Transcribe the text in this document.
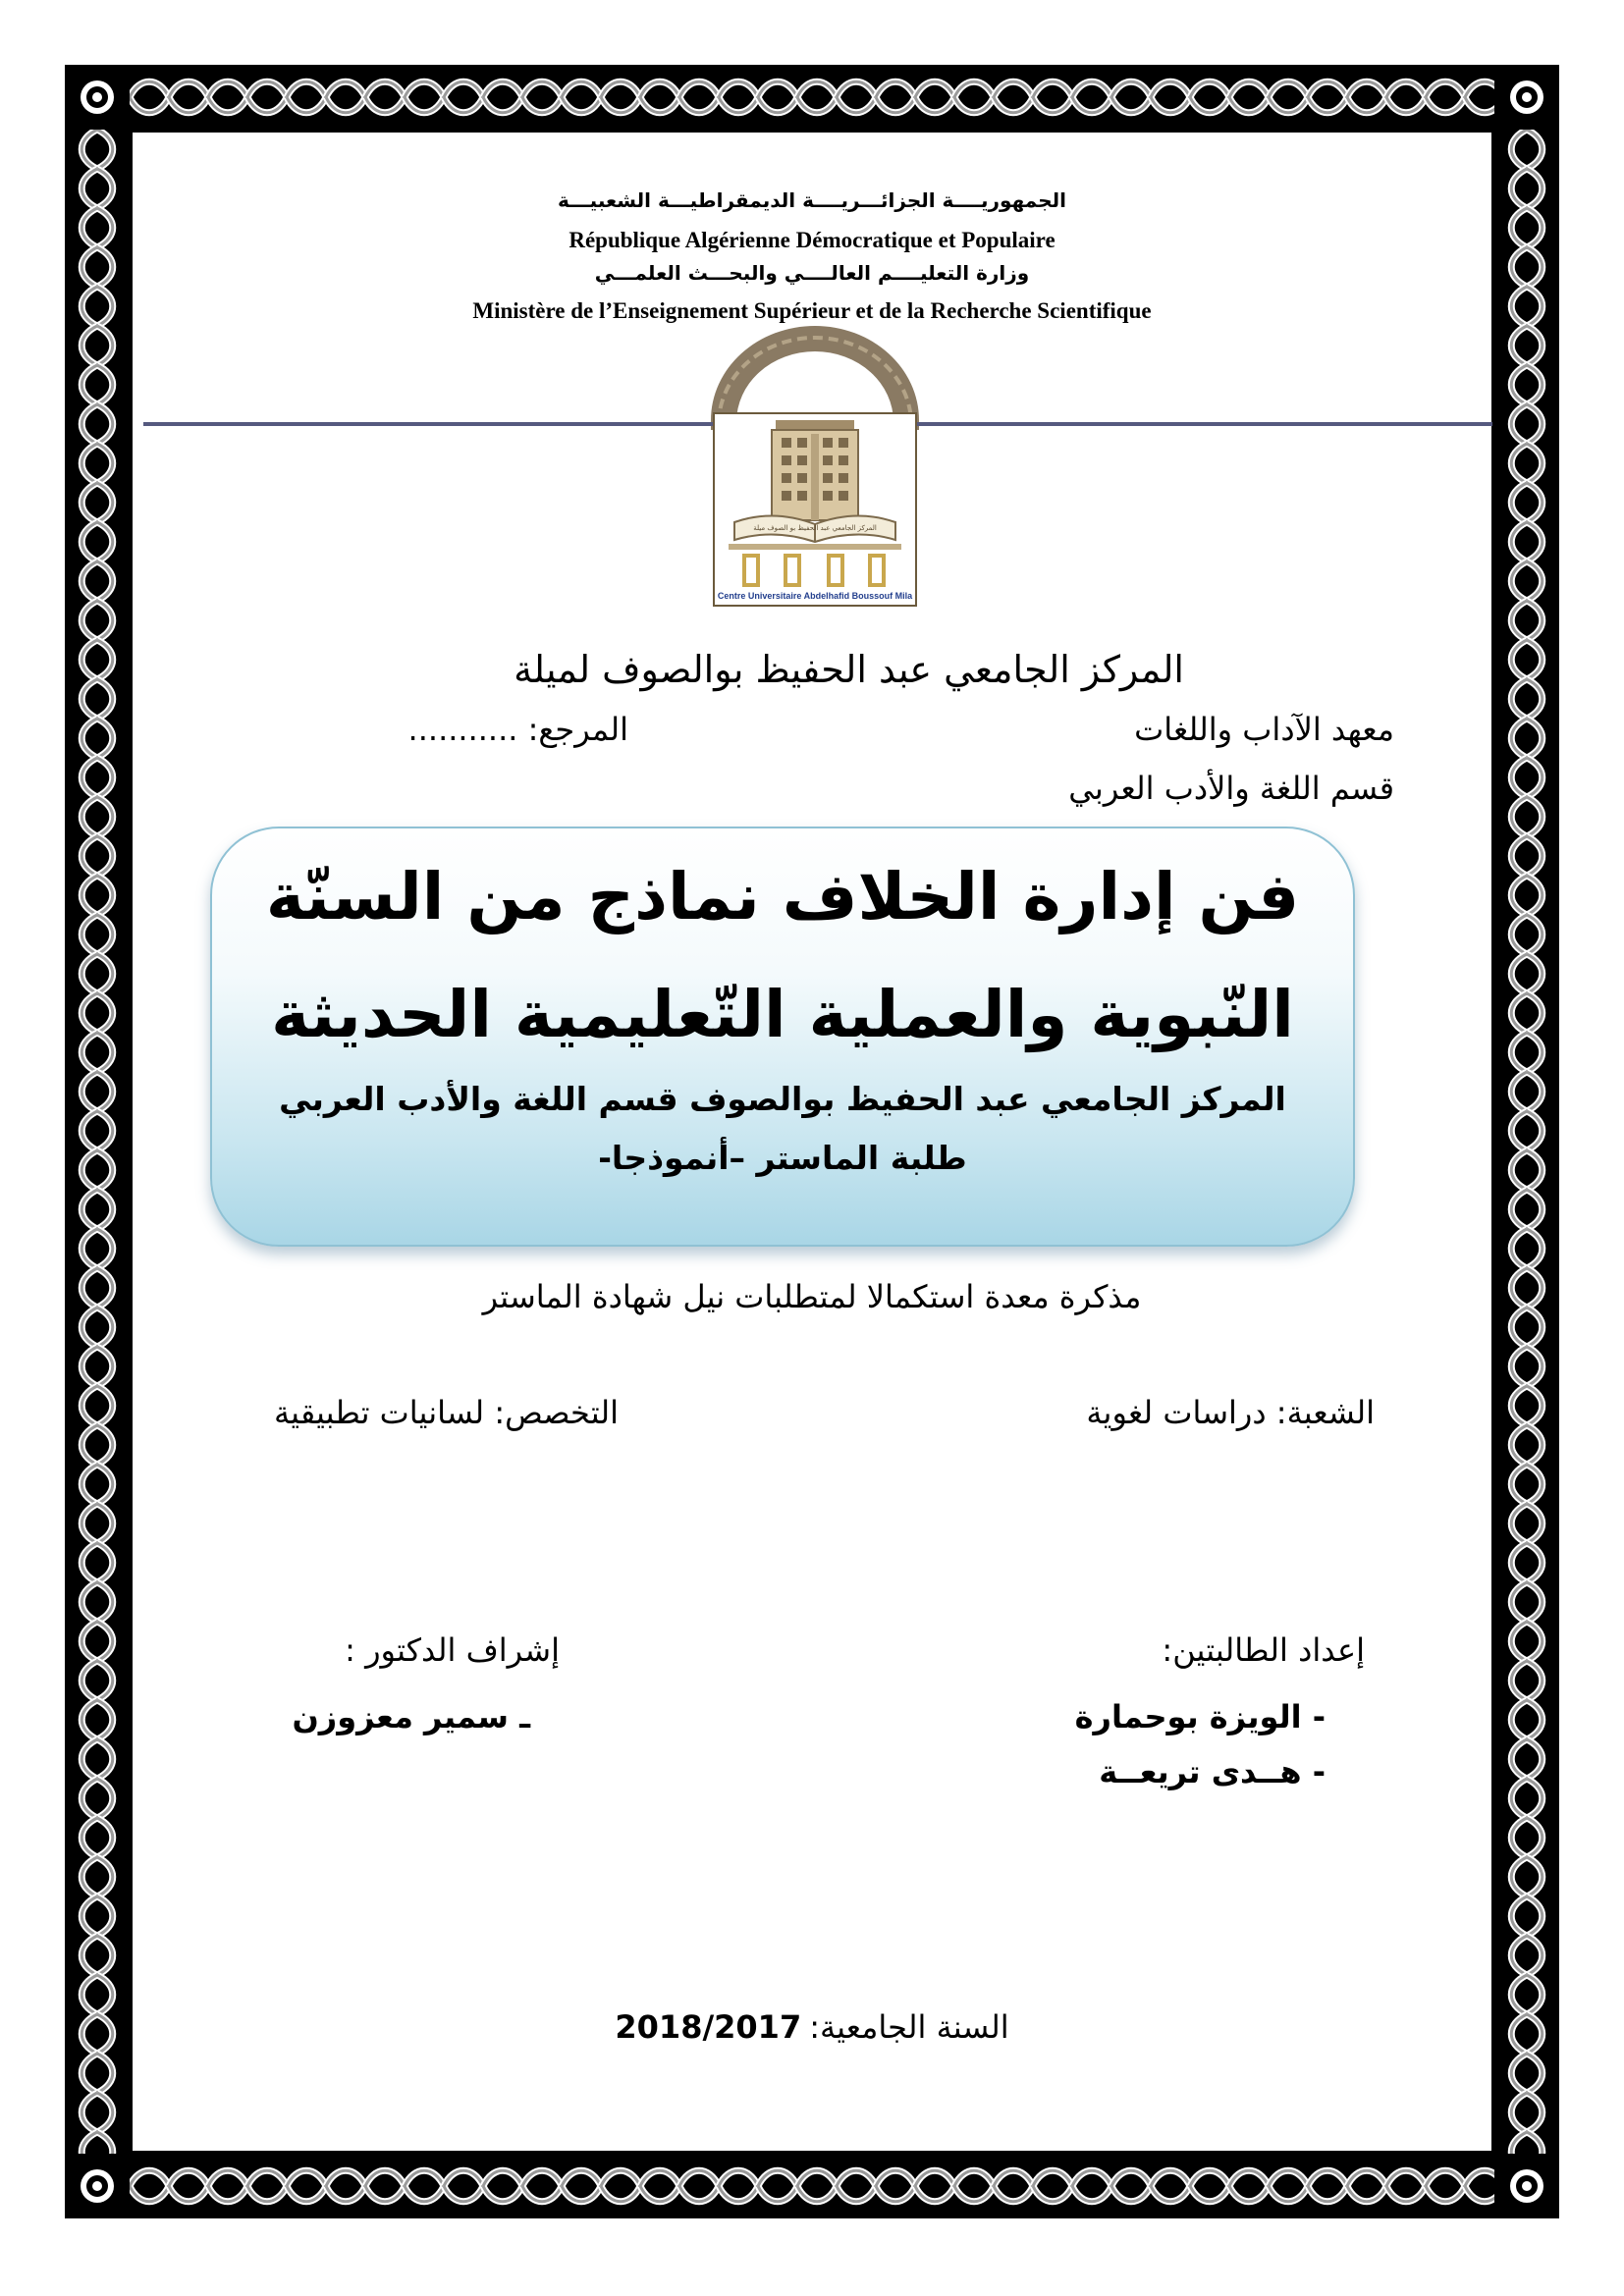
الجمهوريــــة الجزائـــريــــة الديمقراطيـــة الشعبيـــة
République Algérienne Démocratique et Populaire
وزارة التعليــــم العالــــي والبحـــث العلمـــي
Ministère de l’Enseignement Supérieur et de la Recherche Scientifique
المركز الجامعي عبد الحفيظ بو الصوف ميلة
Centre Universitaire Abdelhafid Boussouf Mila
المركز الجامعي عبد الحفيظ بوالصوف لميلة
معهد الآداب واللغات
المرجع: ...........
قسم اللغة والأدب العربي
فن إدارة الخلاف نماذج من السنّة
النّبوية والعملية التّعليمية الحديثة
المركز الجامعي عبد الحفيظ بوالصوف قسم اللغة والأدب العربي
طلبة الماستر –أنموذجا-
مذكرة معدة استكمالا لمتطلبات نيل شهادة الماستر
الشعبة: دراسات لغوية
التخصص: لسانيات تطبيقية
إعداد الطالبتين:
- الويزة بوحمارة
- هــدى تريعــة
إشراف الدكتور :
ـ سمير معزوزن
2018/2017 السنة الجامعية:
